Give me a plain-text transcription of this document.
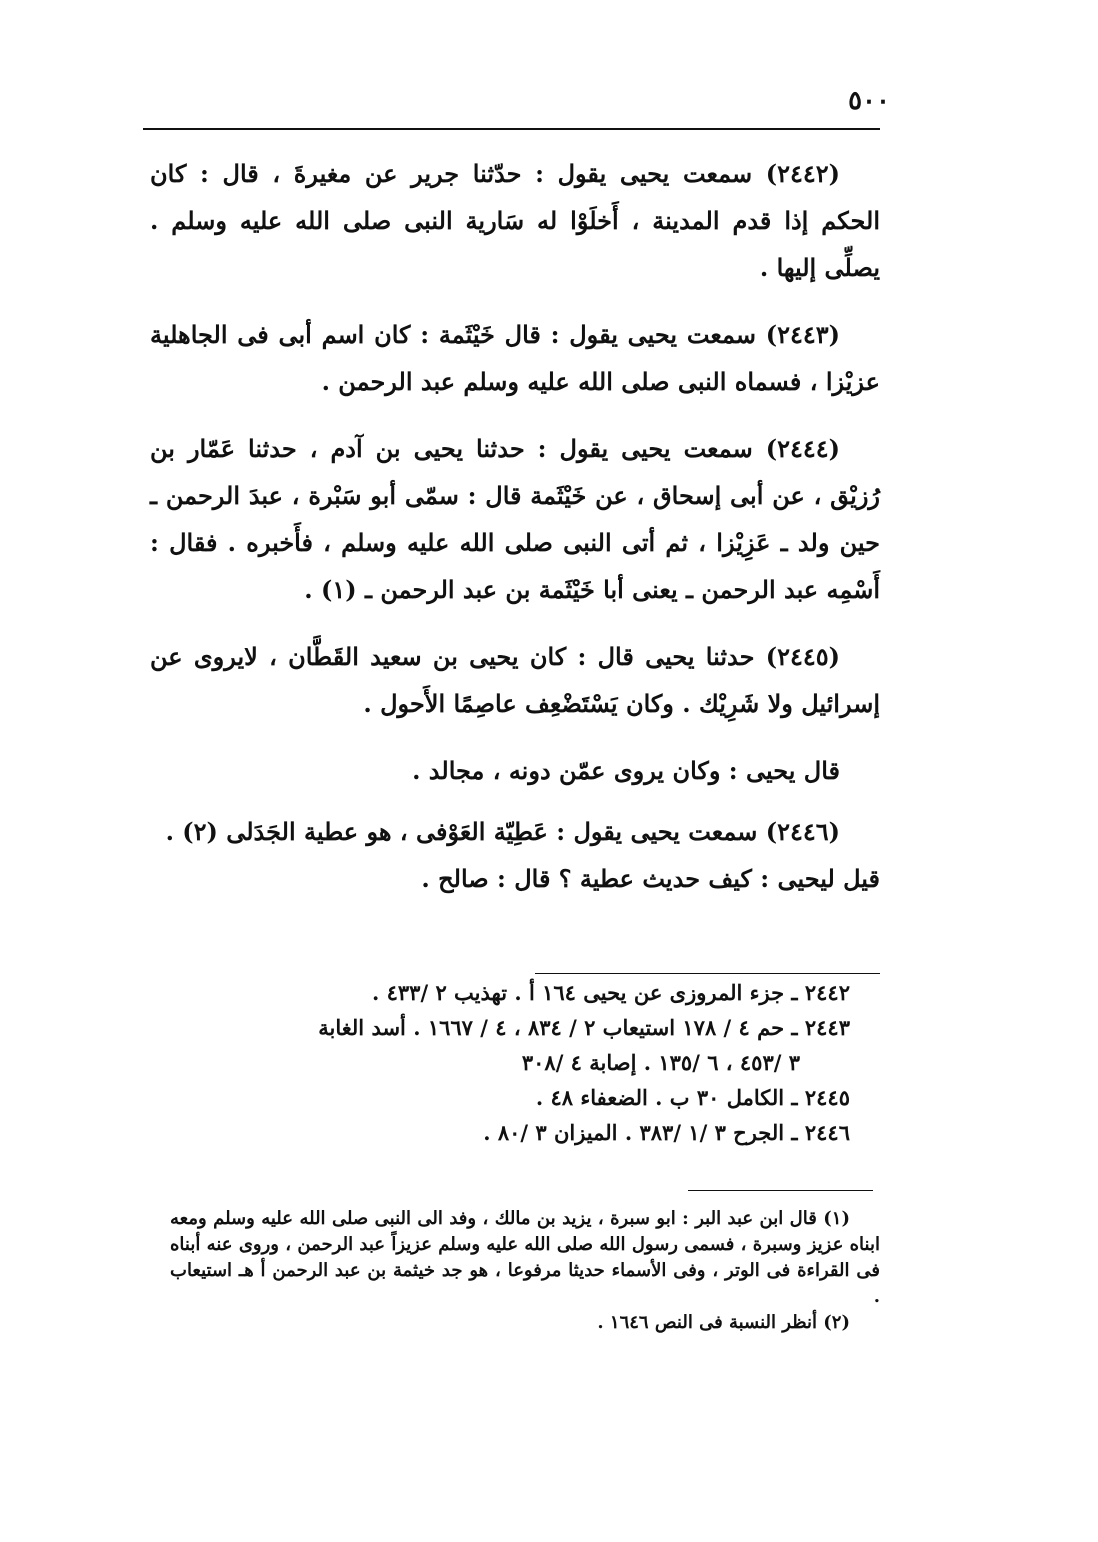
٥٠٠

(٢٤٤٢) سمعت يحيى يقول : حدّثنا جرير عن مغيرةَ ، قال : كان الحكم إذا قدم المدينة ، أَخلَوْا له سَارية النبى صلى الله عليه وسلم . يصلِّى إليها .

(٢٤٤٣) سمعت يحيى يقول : قال خَيْثَمة : كان اسم أبى فى الجاهلية عزيْزا ، فسماه النبى صلى الله عليه وسلم عبد الرحمن .

(٢٤٤٤) سمعت يحيى يقول : حدثنا يحيى بن آدم ، حدثنا عَمّار بن رُزيْق ، عن أبى إسحاق ، عن خَيْثَمة قال : سمّى أبو سَبْرة ، عبدَ الرحمن ـ حين ولد ـ عَزِيْزا ، ثم أتى النبى صلى الله عليه وسلم ، فأَخبره . فقال : أَسْمِه عبد الرحمن ـ يعنى أبا خَيْثَمة بن عبد الرحمن ـ (١) .

(٢٤٤٥) حدثنا يحيى قال : كان يحيى بن سعيد القَطَّان ، لايروى عن إسرائيل ولا شَرِيْك . وكان يَسْتَضْعِف عاصِمًا الأَحول .

قال يحيى : وكان يروى عمّن دونه ، مجالد .

(٢٤٤٦) سمعت يحيى يقول : عَطِيّة العَوْفى ، هو عطية الجَدَلى (٢) .
قيل ليحيى : كيف حديث عطية ؟ قال : صالح .

٢٤٤٢ ـ جزء المروزى عن يحيى ١٦٤ أ . تهذيب ٢ /٤٣٣ .

٢٤٤٣ ـ حم ٤ / ١٧٨ استيعاب ٢ / ٨٣٤ ، ٤ / ١٦٦٧ . أسد الغابة

٣ /٤٥٣ ، ٦ /١٣٥ . إصابة ٤ /٣٠٨

٢٤٤٥ ـ الكامل ٣٠ ب . الضعفاء ٤٨ .

٢٤٤٦ ـ الجرح ٣ /١ /٣٨٣ . الميزان ٣ /٨٠ .

(١) قال ابن عبد البر : ابو سبرة ، يزيد بن مالك ، وفد الى النبى صلى الله عليه وسلم ومعه ابناه عزيز وسبرة ، فسمى رسول الله صلى الله عليه وسلم عزيزاً عبد الرحمن ، وروى عنه أبناه فى القراءة فى الوتر ، وفى الأسماء حديثا مرفوعا ، هو جد خيثمة بن عبد الرحمن أ هـ استيعاب .

(٢) أنظر النسبة فى النص ١٦٤٦ .
